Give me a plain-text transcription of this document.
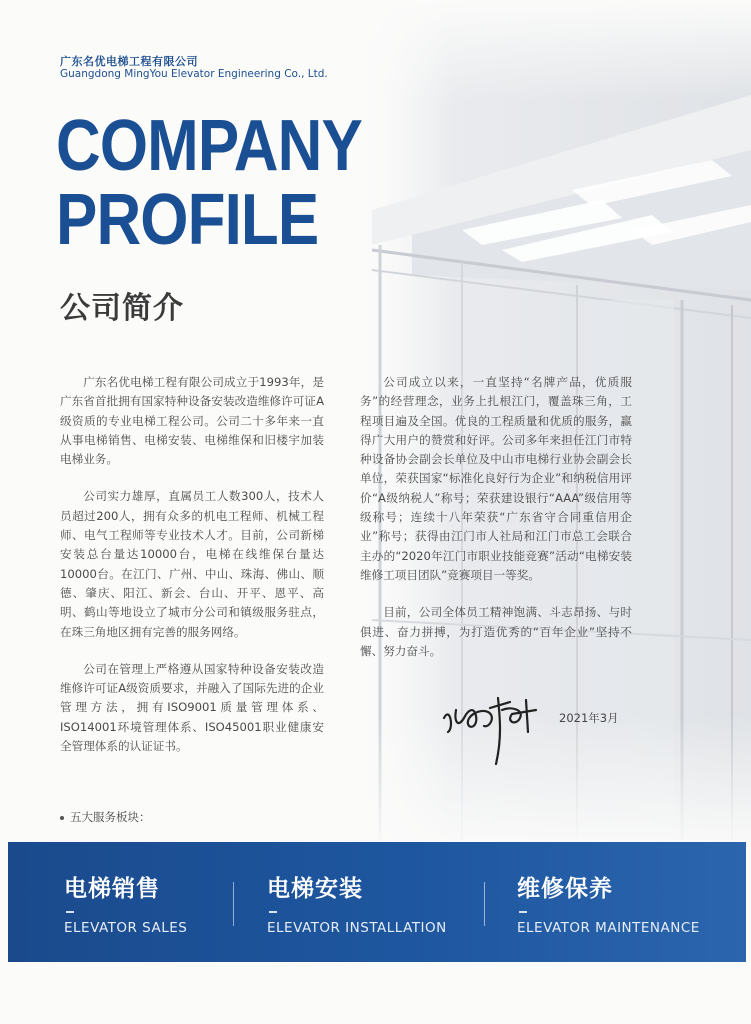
广东名优电梯工程有限公司
Guangdong MingYou Elevator Engineering Co., Ltd.
COMPANY
PROFILE
公司简介

广东名优电梯工程有限公司成立于1993年，是广东省首批拥有国家特种设备安装改造维修许可证A级资质的专业电梯工程公司。公司二十多年来一直从事电梯销售、电梯安装、电梯维保和旧楼宇加装电梯业务。

公司实力雄厚，直属员工人数300人，技术人员超过200人，拥有众多的机电工程师、机械工程师、电气工程师等专业技术人才。目前，公司新梯安装总台量达10000台，电梯在线维保台量达10000台。在江门、广州、中山、珠海、佛山、顺德、肇庆、阳江、新会、台山、开平、恩平、高明、鹤山等地设立了城市分公司和镇级服务驻点，在珠三角地区拥有完善的服务网络。

公司在管理上严格遵从国家特种设备安装改造维修许可证A级资质要求，并融入了国际先进的企业管理方法，拥有ISO9001质量管理体系、ISO14001环境管理体系、ISO45001职业健康安全管理体系的认证证书。

公司成立以来，一直坚持“名牌产品，优质服务”的经营理念，业务上扎根江门，覆盖珠三角，工程项目遍及全国。优良的工程质量和优质的服务，赢得广大用户的赞赏和好评。公司多年来担任江门市特种设备协会副会长单位及中山市电梯行业协会副会长单位，荣获国家“标准化良好行为企业”和纳税信用评价“A级纳税人”称号；荣获建设银行“AAA”级信用等级称号；连续十八年荣获“广东省守合同重信用企业”称号；获得由江门市人社局和江门市总工会联合主办的“2020年江门市职业技能竞赛”活动“电梯安装维修工项目团队”竞赛项目一等奖。

目前，公司全体员工精神饱满、斗志昂扬、与时俱进、奋力拼搏，为打造优秀的“百年企业”坚持不懈、努力奋斗。

2021年3月
五大服务板块：
电梯销售
ELEVATOR SALES
电梯安装
ELEVATOR INSTALLATION
维修保养
ELEVATOR MAINTENANCE
